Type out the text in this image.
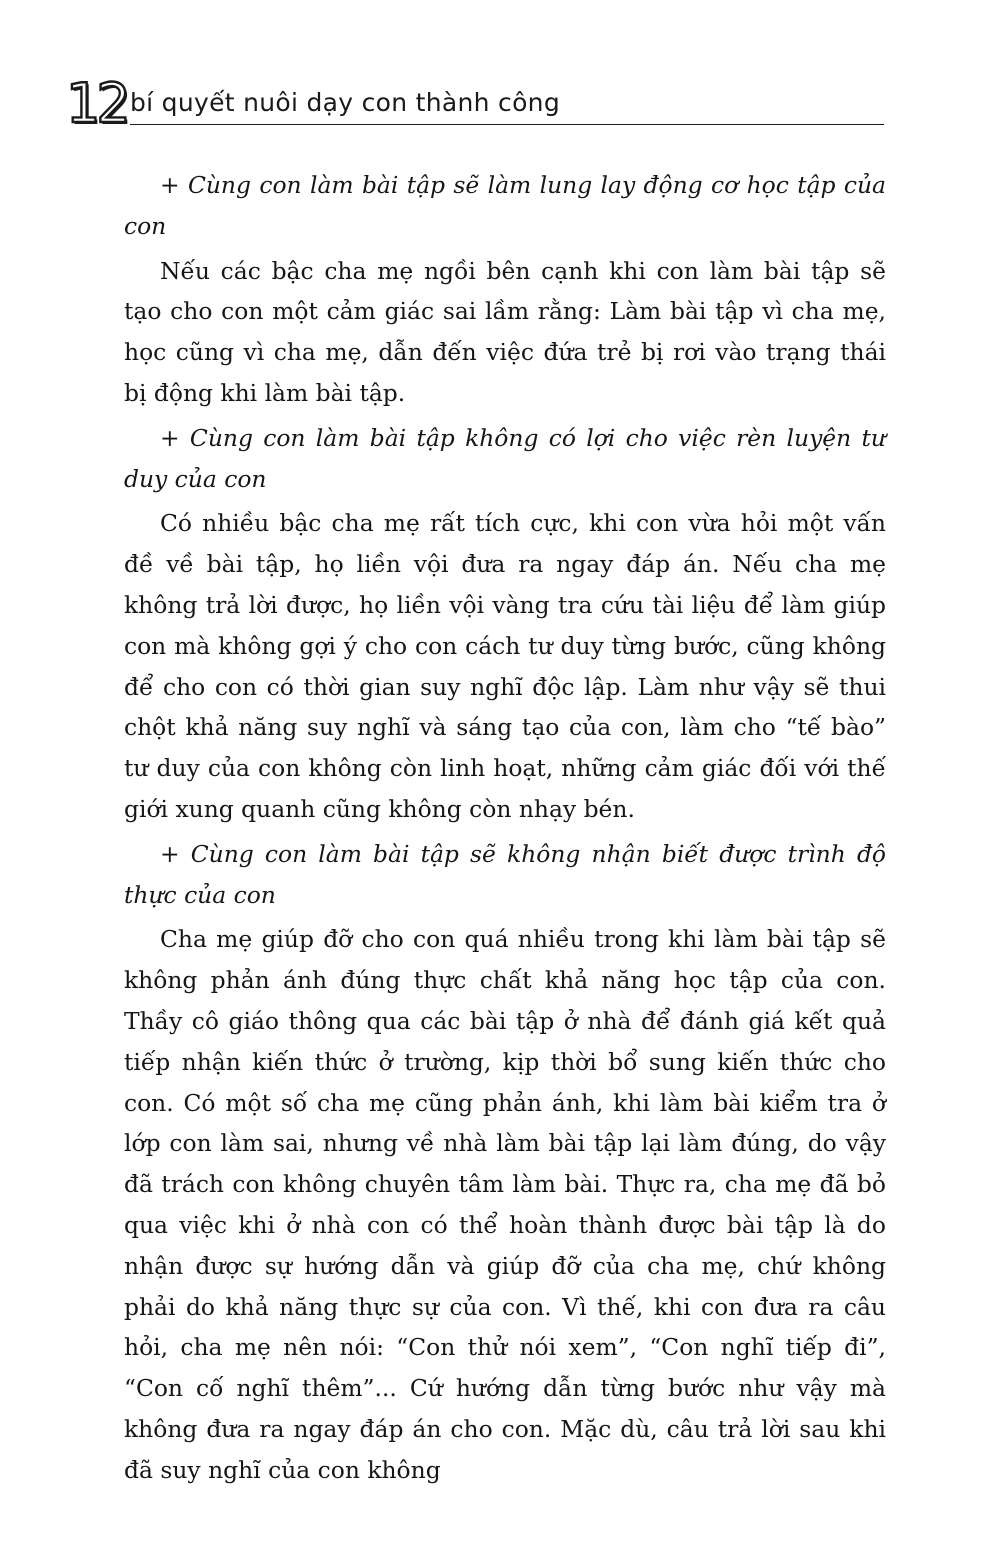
12 bí quyết nuôi dạy con thành công

+ Cùng con làm bài tập sẽ làm lung lay động cơ học tập của con

Nếu các bậc cha mẹ ngồi bên cạnh khi con làm bài tập sẽ tạo cho con một cảm giác sai lầm rằng: Làm bài tập vì cha mẹ, học cũng vì cha mẹ, dẫn đến việc đứa trẻ bị rơi vào trạng thái bị động khi làm bài tập.

+ Cùng con làm bài tập không có lợi cho việc rèn luyện tư duy của con

Có nhiều bậc cha mẹ rất tích cực, khi con vừa hỏi một vấn đề về bài tập, họ liền vội đưa ra ngay đáp án. Nếu cha mẹ không trả lời được, họ liền vội vàng tra cứu tài liệu để làm giúp con mà không gợi ý cho con cách tư duy từng bước, cũng không để cho con có thời gian suy nghĩ độc lập. Làm như vậy sẽ thui chột khả năng suy nghĩ và sáng tạo của con, làm cho “tế bào” tư duy của con không còn linh hoạt, những cảm giác đối với thế giới xung quanh cũng không còn nhạy bén.

+ Cùng con làm bài tập sẽ không nhận biết được trình độ thực của con

Cha mẹ giúp đỡ cho con quá nhiều trong khi làm bài tập sẽ không phản ánh đúng thực chất khả năng học tập của con. Thầy cô giáo thông qua các bài tập ở nhà để đánh giá kết quả tiếp nhận kiến thức ở trường, kịp thời bổ sung kiến thức cho con. Có một số cha mẹ cũng phản ánh, khi làm bài kiểm tra ở lớp con làm sai, nhưng về nhà làm bài tập lại làm đúng, do vậy đã trách con không chuyên tâm làm bài. Thực ra, cha mẹ đã bỏ qua việc khi ở nhà con có thể hoàn thành được bài tập là do nhận được sự hướng dẫn và giúp đỡ của cha mẹ, chứ không phải do khả năng thực sự của con. Vì thế, khi con đưa ra câu hỏi, cha mẹ nên nói: “Con thử nói xem”, “Con nghĩ tiếp đi”, “Con cố nghĩ thêm”... Cứ hướng dẫn từng bước như vậy mà không đưa ra ngay đáp án cho con. Mặc dù, câu trả lời sau khi đã suy nghĩ của con không
